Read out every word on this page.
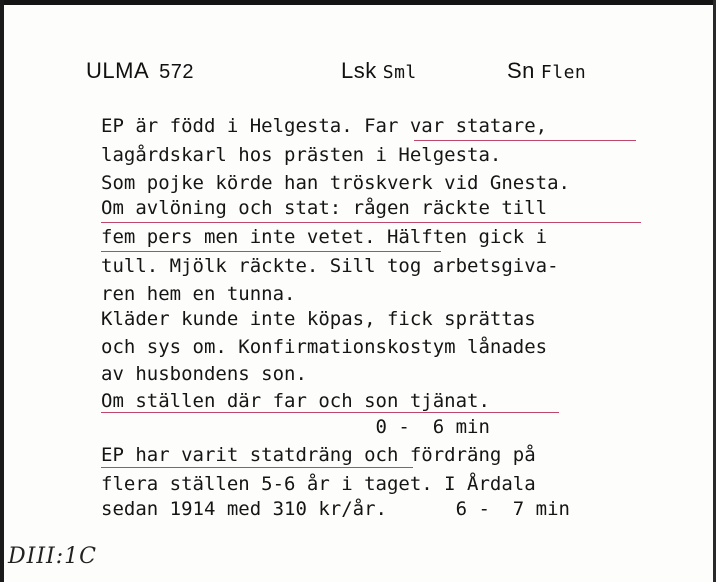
ULMA 572	Lsk Sml	Sn Flen
EP är född i Helgesta. Far var statare,
lagårdskarl hos prästen i Helgesta.
Som pojke körde han tröskverk vid Gnesta.
Om avlöning och stat: rågen räckte till
fem pers men inte vetet. Hälften gick i
tull. Mjölk räckte. Sill tog arbetsgiva-
ren hem en tunna.
Kläder kunde inte köpas, fick sprättas
och sys om. Konfirmationskostym lånades
av husbondens son.
Om ställen där far och son tjänat.
0 -  6 min
EP har varit statdräng och fördräng på
flera ställen 5-6 år i taget. I Årdala
sedan 1914 med 310 kr/år.      6 -  7 min
DIII:1C
